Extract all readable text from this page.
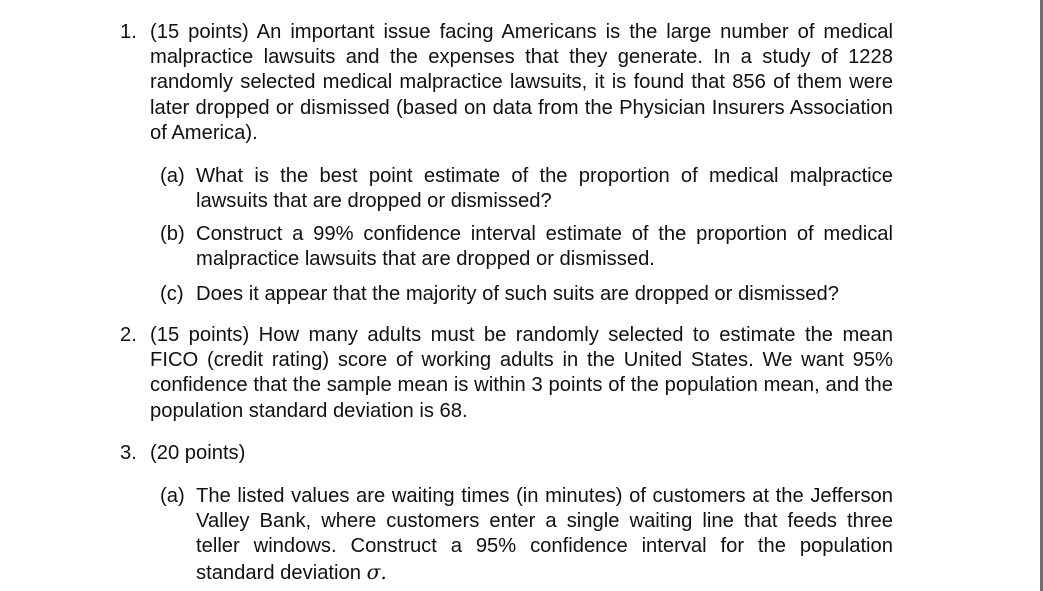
1. (15 points) An important issue facing Americans is the large number of medical malpractice lawsuits and the expenses that they generate. In a study of 1228 randomly selected medical malpractice lawsuits, it is found that 856 of them were later dropped or dismissed (based on data from the Physician Insurers Association of America).
(a) What is the best point estimate of the proportion of medical malpractice lawsuits that are dropped or dismissed?
(b) Construct a 99% confidence interval estimate of the proportion of medical malpractice lawsuits that are dropped or dismissed.
(c) Does it appear that the majority of such suits are dropped or dismissed?
2. (15 points) How many adults must be randomly selected to estimate the mean FICO (credit rating) score of working adults in the United States. We want 95% confidence that the sample mean is within 3 points of the population mean, and the population standard deviation is 68.
3. (20 points)
(a) The listed values are waiting times (in minutes) of customers at the Jefferson Valley Bank, where customers enter a single waiting line that feeds three teller windows. Construct a 95% confidence interval for the population standard deviation σ.
